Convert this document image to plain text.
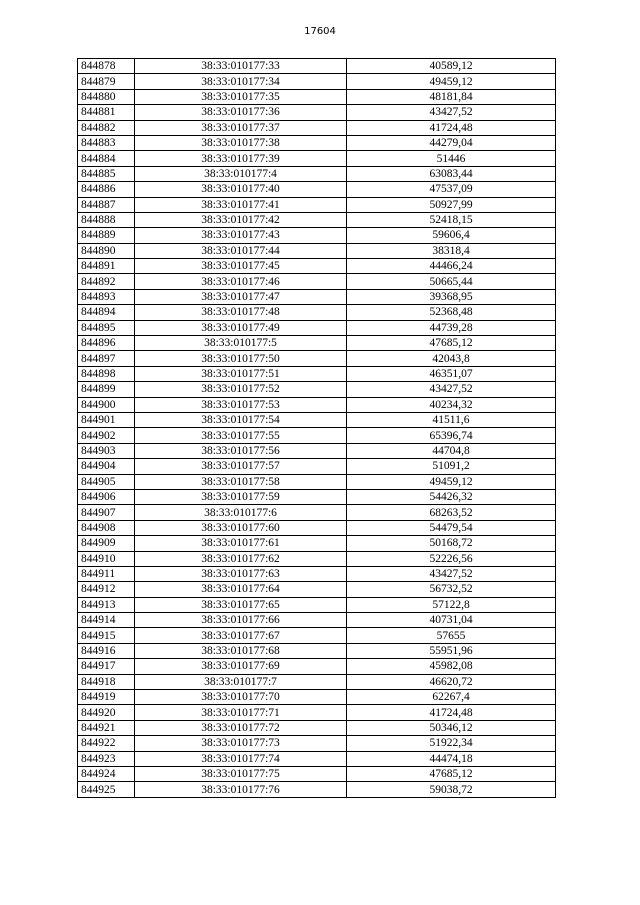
17604
844878	38:33:010177:33	40589,12
844879	38:33:010177:34	49459,12
844880	38:33:010177:35	48181,84
844881	38:33:010177:36	43427,52
844882	38:33:010177:37	41724,48
844883	38:33:010177:38	44279,04
844884	38:33:010177:39	51446
844885	38:33:010177:4	63083,44
844886	38:33:010177:40	47537,09
844887	38:33:010177:41	50927,99
844888	38:33:010177:42	52418,15
844889	38:33:010177:43	59606,4
844890	38:33:010177:44	38318,4
844891	38:33:010177:45	44466,24
844892	38:33:010177:46	50665,44
844893	38:33:010177:47	39368,95
844894	38:33:010177:48	52368,48
844895	38:33:010177:49	44739,28
844896	38:33:010177:5	47685,12
844897	38:33:010177:50	42043,8
844898	38:33:010177:51	46351,07
844899	38:33:010177:52	43427,52
844900	38:33:010177:53	40234,32
844901	38:33:010177:54	41511,6
844902	38:33:010177:55	65396,74
844903	38:33:010177:56	44704,8
844904	38:33:010177:57	51091,2
844905	38:33:010177:58	49459,12
844906	38:33:010177:59	54426,32
844907	38:33:010177:6	68263,52
844908	38:33:010177:60	54479,54
844909	38:33:010177:61	50168,72
844910	38:33:010177:62	52226,56
844911	38:33:010177:63	43427,52
844912	38:33:010177:64	56732,52
844913	38:33:010177:65	57122,8
844914	38:33:010177:66	40731,04
844915	38:33:010177:67	57655
844916	38:33:010177:68	55951,96
844917	38:33:010177:69	45982,08
844918	38:33:010177:7	46620,72
844919	38:33:010177:70	62267,4
844920	38:33:010177:71	41724,48
844921	38:33:010177:72	50346,12
844922	38:33:010177:73	51922,34
844923	38:33:010177:74	44474,18
844924	38:33:010177:75	47685,12
844925	38:33:010177:76	59038,72
